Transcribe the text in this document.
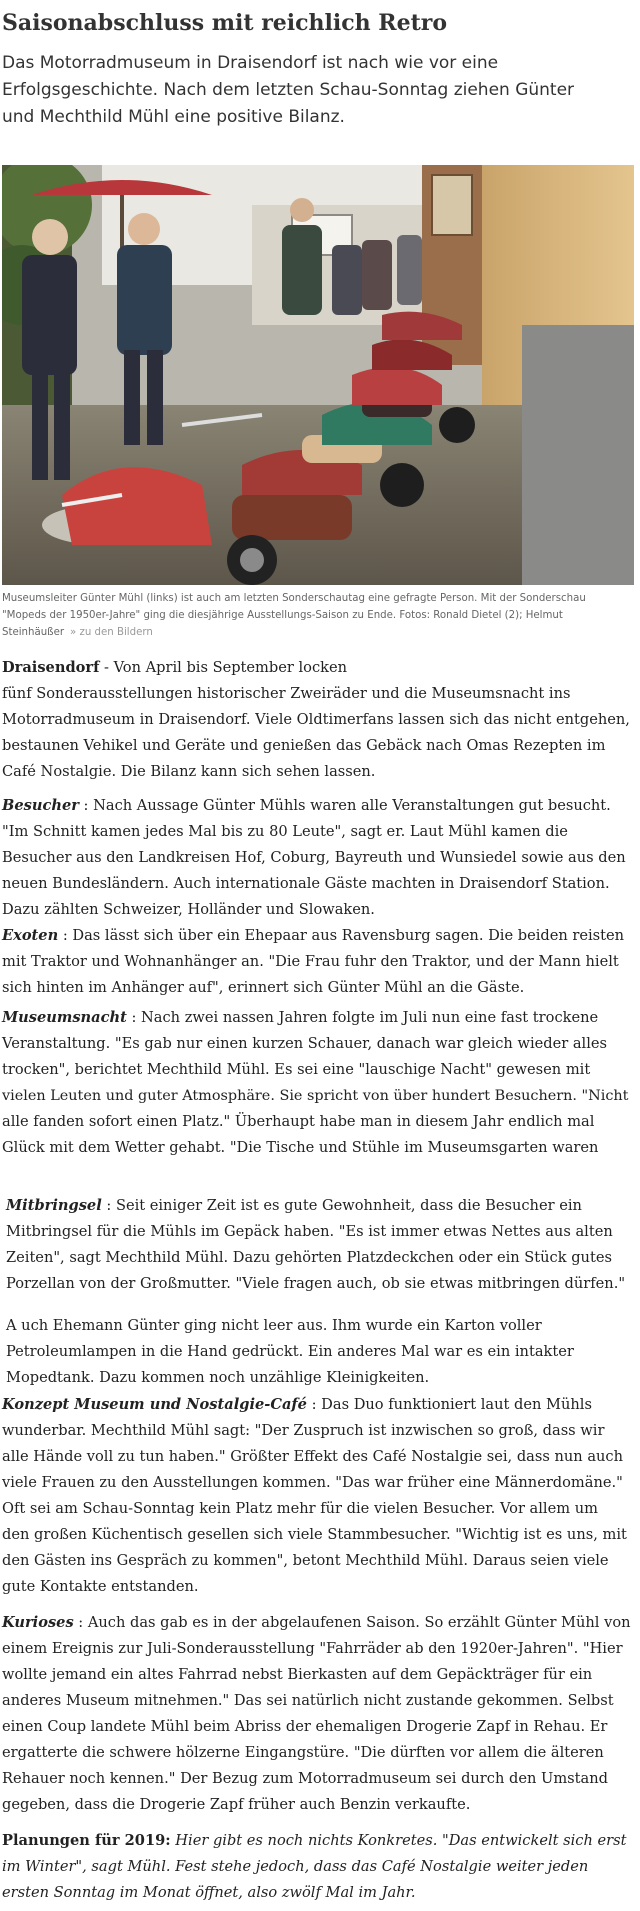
Saisonabschluss mit reichlich Retro

Das Motorradmuseum in Draisendorf ist nach wie vor eine
Erfolgsgeschichte. Nach dem letzten Schau-Sonntag ziehen Günter
und Mechthild Mühl eine positive Bilanz.

Museumsleiter Günter Mühl (links) ist auch am letzten Sonderschautag eine gefragte Person. Mit der Sonderschau
"Mopeds der 1950er-Jahre" ging die diesjährige Ausstellungs-Saison zu Ende. Fotos: Ronald Dietel (2); Helmut
Steinhäußer » zu den Bildern

Draisendorf - Von April bis September locken
fünf Sonderausstellungen historischer Zweiräder und die Museumsnacht ins
Motorradmuseum in Draisendorf. Viele Oldtimerfans lassen sich das nicht entgehen,
bestaunen Vehikel und Geräte und genießen das Gebäck nach Omas Rezepten im
Café Nostalgie. Die Bilanz kann sich sehen lassen.

Besucher : Nach Aussage Günter Mühls waren alle Veranstaltungen gut besucht.
"Im Schnitt kamen jedes Mal bis zu 80 Leute", sagt er. Laut Mühl kamen die
Besucher aus den Landkreisen Hof, Coburg, Bayreuth und Wunsiedel sowie aus den
neuen Bundesländern. Auch internationale Gäste machten in Draisendorf Station.
Dazu zählten Schweizer, Holländer und Slowaken.

Exoten : Das lässt sich über ein Ehepaar aus Ravensburg sagen. Die beiden reisten
mit Traktor und Wohnanhänger an. "Die Frau fuhr den Traktor, und der Mann hielt
sich hinten im Anhänger auf", erinnert sich Günter Mühl an die Gäste.

Museumsnacht : Nach zwei nassen Jahren folgte im Juli nun eine fast trockene
Veranstaltung. "Es gab nur einen kurzen Schauer, danach war gleich wieder alles
trocken", berichtet Mechthild Mühl. Es sei eine "lauschige Nacht" gewesen mit
vielen Leuten und guter Atmosphäre. Sie spricht von über hundert Besuchern. "Nicht
alle fanden sofort einen Platz." Überhaupt habe man in diesem Jahr endlich mal
Glück mit dem Wetter gehabt. "Die Tische und Stühle im Museumsgarten waren

Mitbringsel : Seit einiger Zeit ist es gute Gewohnheit, dass die Besucher ein
Mitbringsel für die Mühls im Gepäck haben. "Es ist immer etwas Nettes aus alten
Zeiten", sagt Mechthild Mühl. Dazu gehörten Platzdeckchen oder ein Stück gutes
Porzellan von der Großmutter. "Viele fragen auch, ob sie etwas mitbringen dürfen."

A uch Ehemann Günter ging nicht leer aus. Ihm wurde ein Karton voller
Petroleumlampen in die Hand gedrückt. Ein anderes Mal war es ein intakter
Mopedtank. Dazu kommen noch unzählige Kleinigkeiten.

Konzept Museum und Nostalgie-Café : Das Duo funktioniert laut den Mühls
wunderbar. Mechthild Mühl sagt: "Der Zuspruch ist inzwischen so groß, dass wir
alle Hände voll zu tun haben." Größter Effekt des Café Nostalgie sei, dass nun auch
viele Frauen zu den Ausstellungen kommen. "Das war früher eine Männerdomäne."
Oft sei am Schau-Sonntag kein Platz mehr für die vielen Besucher. Vor allem um
den großen Küchentisch gesellen sich viele Stammbesucher. "Wichtig ist es uns, mit
den Gästen ins Gespräch zu kommen", betont Mechthild Mühl. Daraus seien viele
gute Kontakte entstanden.

Kurioses : Auch das gab es in der abgelaufenen Saison. So erzählt Günter Mühl von
einem Ereignis zur Juli-Sonderausstellung "Fahrräder ab den 1920er-Jahren". "Hier
wollte jemand ein altes Fahrrad nebst Bierkasten auf dem Gepäckträger für ein
anderes Museum mitnehmen." Das sei natürlich nicht zustande gekommen. Selbst
einen Coup landete Mühl beim Abriss der ehemaligen Drogerie Zapf in Rehau. Er
ergatterte die schwere hölzerne Eingangstüre. "Die dürften vor allem die älteren
Rehauer noch kennen." Der Bezug zum Motorradmuseum sei durch den Umstand
gegeben, dass die Drogerie Zapf früher auch Benzin verkaufte.

Planungen für 2019: Hier gibt es noch nichts Konkretes. "Das entwickelt sich erst
im Winter", sagt Mühl. Fest stehe jedoch, dass das Café Nostalgie weiter jeden
ersten Sonntag im Monat öffnet, also zwölf Mal im Jahr.
